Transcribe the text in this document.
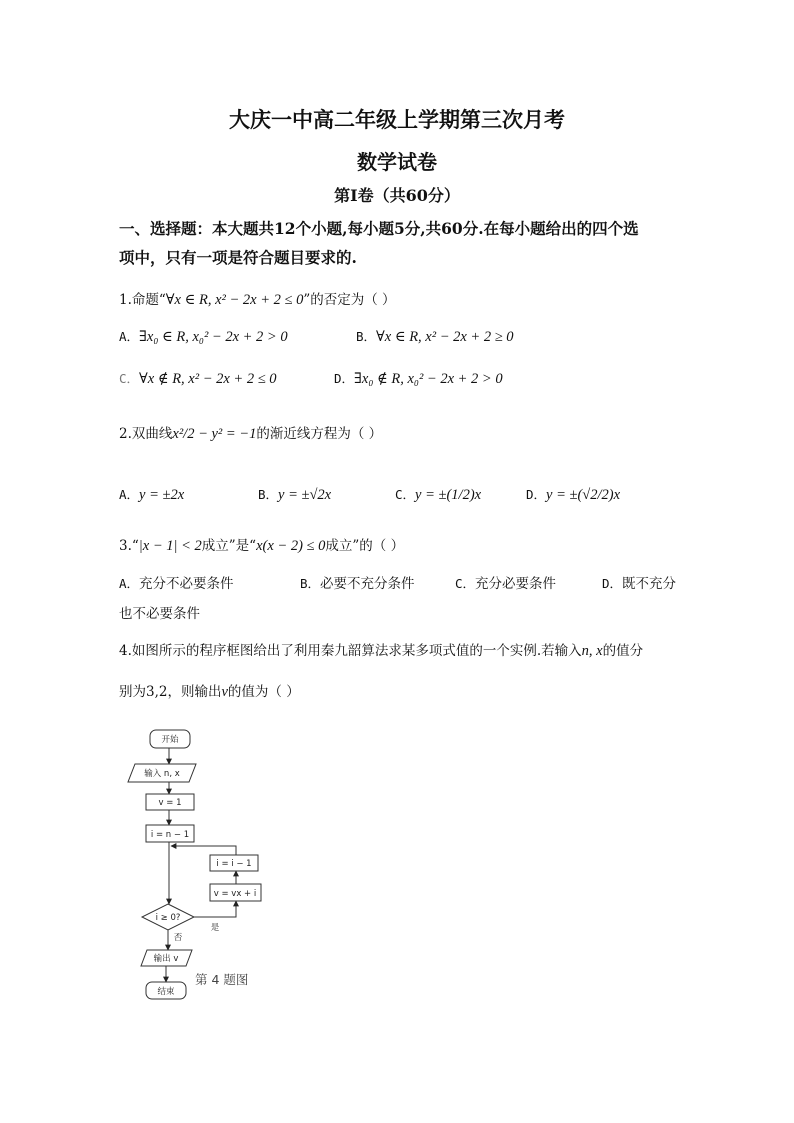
大庆一中高二年级上学期第三次月考
数学试卷
第Ⅰ卷（共60分）
一、选择题：本大题共12个小题,每小题5分,共60分.在每小题给出的四个选
项中，只有一项是符合题目要求的.
1.命题“∀x ∈ R, x² − 2x + 2 ≤ 0”的否定为（ ）
A．∃x₀ ∈ R, x₀² − 2x + 2 > 0	B．∀x ∈ R, x² − 2x + 2 ≥ 0
C．∀x ∉ R, x² − 2x + 2 ≤ 0	D．∃x₀ ∉ R, x₀² − 2x + 2 > 0
2.双曲线x²/2 − y² = −1的渐近线方程为（ ）
A．y = ±2x	B．y = ±√2x	C．y = ±(1/2)x	D．y = ±(√2/2)x
3.“|x − 1| < 2成立”是“x(x − 2) ≤ 0成立”的（ ）
A．充分不必要条件	B．必要不充分条件	C．充分必要条件	D．既不充分
也不必要条件
4.如图所示的程序框图给出了利用秦九韶算法求某多项式值的一个实例.若输入n, x的值分
别为3,2，则输出v的值为（ ）
开始
输入 n, x
v = 1
i = n − 1
i = i − 1
v = vx + i
i ≥ 0?
是
否
输出 v
结束
第 4 题图
